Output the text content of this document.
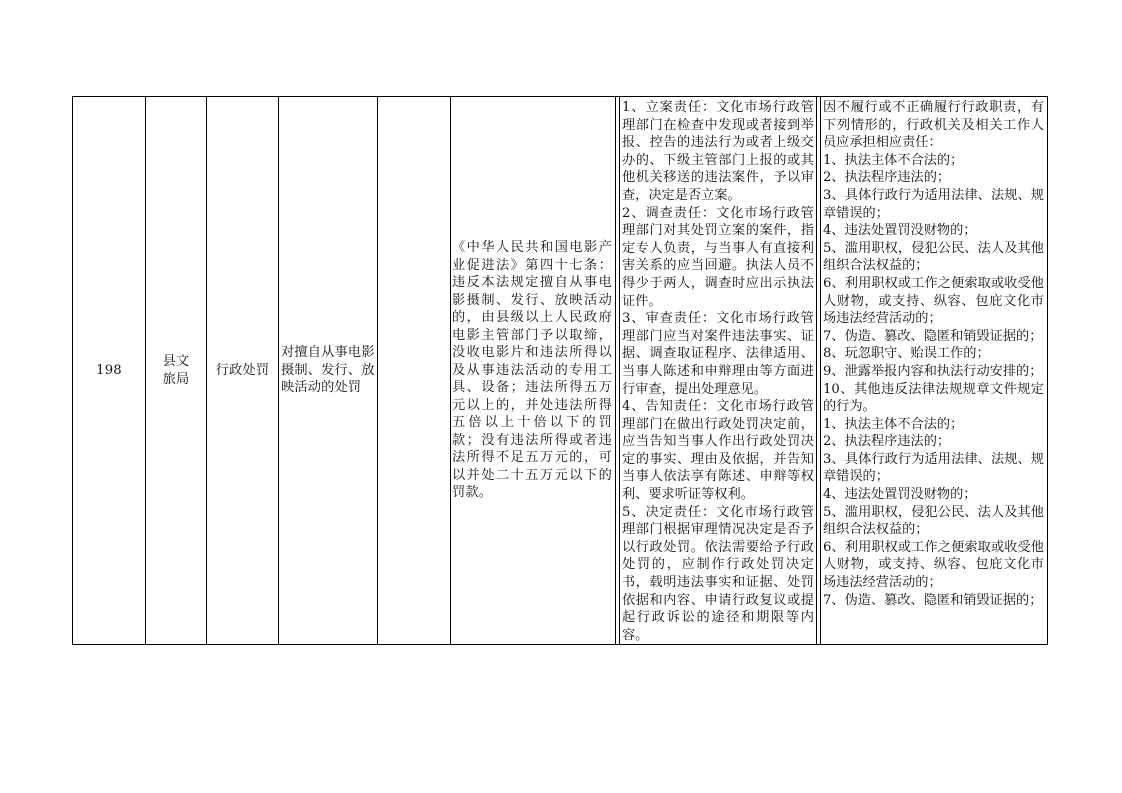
198
县文旅局
行政处罚
对擅自从事电影摄制、发行、放映活动的处罚
《中华人民共和国电影产业促进法》第四十七条：违反本法规定擅自从事电影摄制、发行、放映活动的，由县级以上人民政府电影主管部门予以取缔，没收电影片和违法所得以及从事违法活动的专用工具、设备；违法所得五万元以上的，并处违法所得五倍以上十倍以下的罚款；没有违法所得或者违法所得不足五万元的，可以并处二十五万元以下的罚款。

1、立案责任：文化市场行政管理部门在检查中发现或者接到举报、控告的违法行为或者上级交办的、下级主管部门上报的或其他机关移送的违法案件，予以审查，决定是否立案。

2、调查责任：文化市场行政管理部门对其处罚立案的案件，指定专人负责，与当事人有直接利害关系的应当回避。执法人员不得少于两人，调查时应出示执法证件。

3、审查责任：文化市场行政管理部门应当对案件违法事实、证据、调查取证程序、法律适用、当事人陈述和申辩理由等方面进行审查，提出处理意见。

4、告知责任：文化市场行政管理部门在做出行政处罚决定前，应当告知当事人作出行政处罚决定的事实、理由及依据，并告知当事人依法享有陈述、申辩等权利、要求听证等权利。

5、决定责任：文化市场行政管理部门根据审理情况决定是否予以行政处罚。依法需要给予行政处罚的，应制作行政处罚决定书，载明违法事实和证据、处罚依据和内容、申请行政复议或提起行政诉讼的途径和期限等内容。

因不履行或不正确履行行政职责，有下列情形的，行政机关及相关工作人员应承担相应责任：

1、执法主体不合法的；

2、执法程序违法的；

3、具体行政行为适用法律、法规、规章错误的；

4、违法处置罚没财物的；

5、滥用职权，侵犯公民、法人及其他组织合法权益的；

6、利用职权或工作之便索取或收受他人财物，或支持、纵容、包庇文化市场违法经营活动的；

7、伪造、篡改、隐匿和销毁证据的；

8、玩忽职守、贻误工作的；

9、泄露举报内容和执法行动安排的；

10、其他违反法律法规规章文件规定的行为。

1、执法主体不合法的；

2、执法程序违法的；

3、具体行政行为适用法律、法规、规章错误的；

4、违法处置罚没财物的；

5、滥用职权，侵犯公民、法人及其他组织合法权益的；

6、利用职权或工作之便索取或收受他人财物，或支持、纵容、包庇文化市场违法经营活动的；

7、伪造、篡改、隐匿和销毁证据的；
